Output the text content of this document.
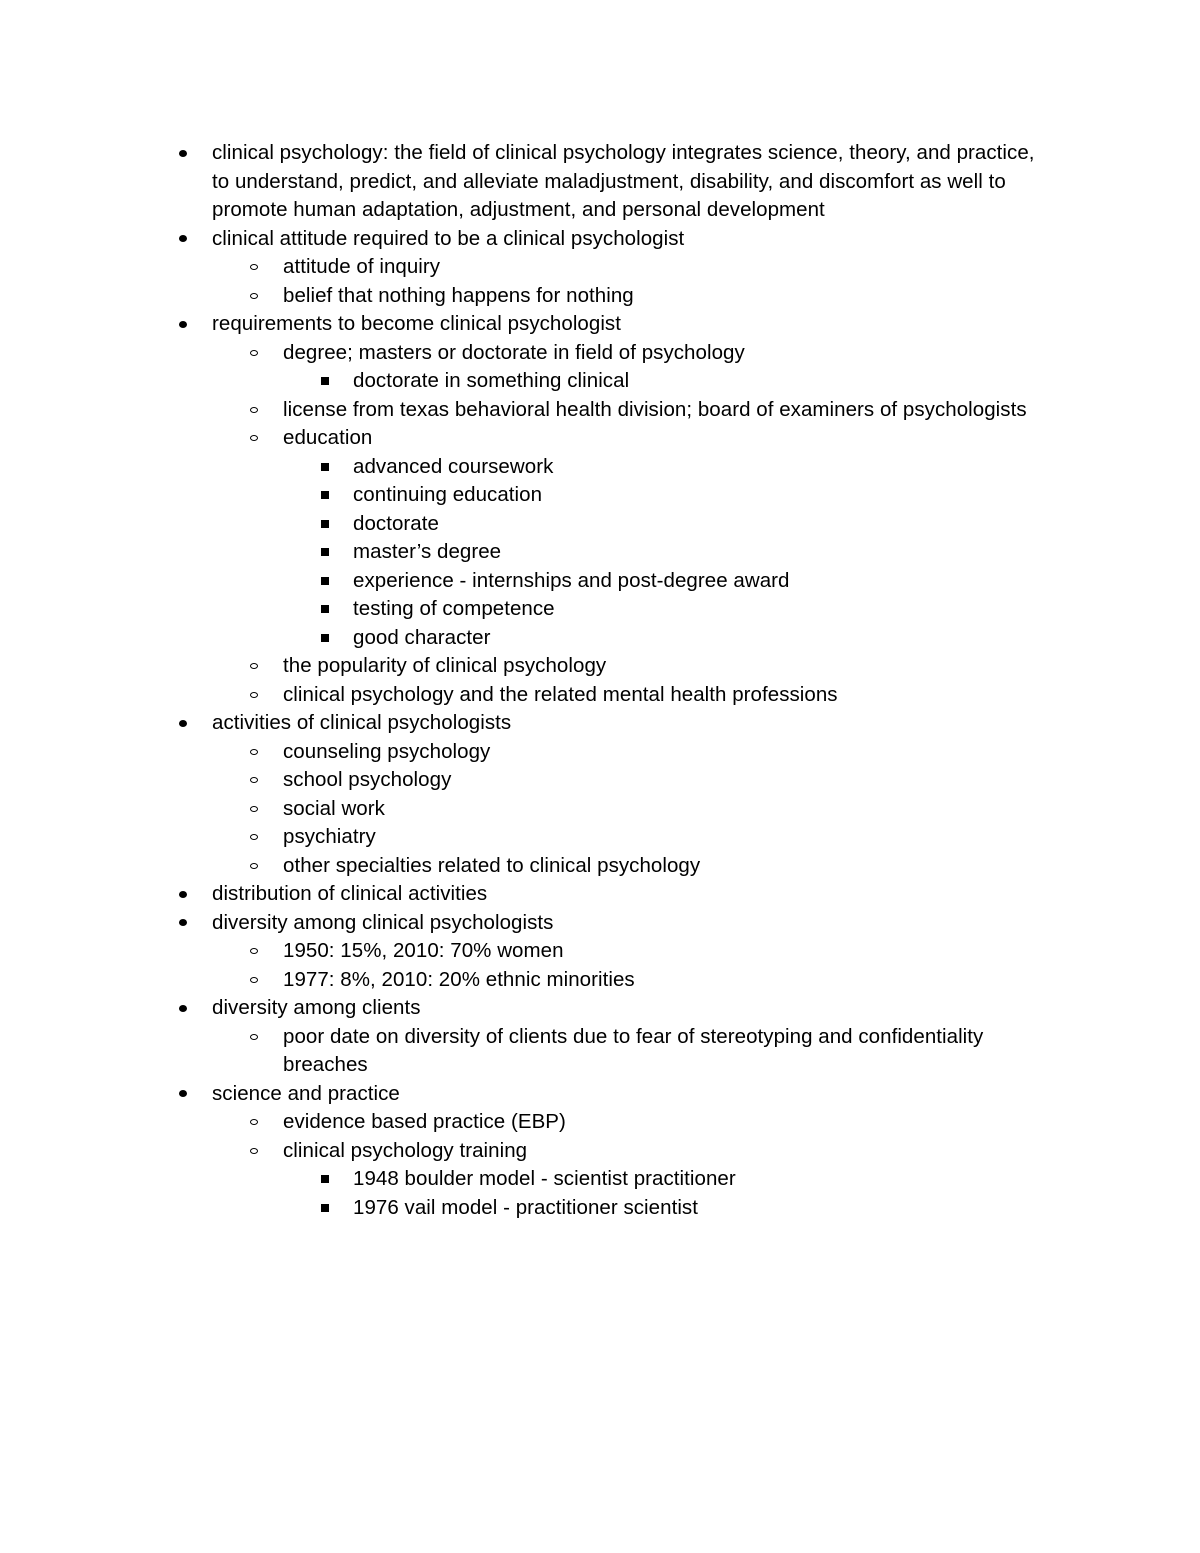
clinical psychology: the field of clinical psychology integrates science, theory, and practice, to understand, predict, and alleviate maladjustment, disability, and discomfort as well to promote human adaptation, adjustment, and personal development
clinical attitude required to be a clinical psychologist
attitude of inquiry
belief that nothing happens for nothing
requirements to become clinical psychologist
degree; masters or doctorate in field of psychology
doctorate in something clinical
license from texas behavioral health division; board of examiners of psychologists
education
advanced coursework
continuing education
doctorate
master’s degree
experience - internships and post-degree award
testing of competence
good character
the popularity of clinical psychology
clinical psychology and the related mental health professions
activities of clinical psychologists
counseling psychology
school psychology
social work
psychiatry
other specialties related to clinical psychology
distribution of clinical activities
diversity among clinical psychologists
1950: 15%, 2010: 70% women
1977: 8%, 2010: 20% ethnic minorities
diversity among clients
poor date on diversity of clients due to fear of stereotyping and confidentiality breaches
science and practice
evidence based practice (EBP)
clinical psychology training
1948 boulder model - scientist practitioner
1976 vail model - practitioner scientist
